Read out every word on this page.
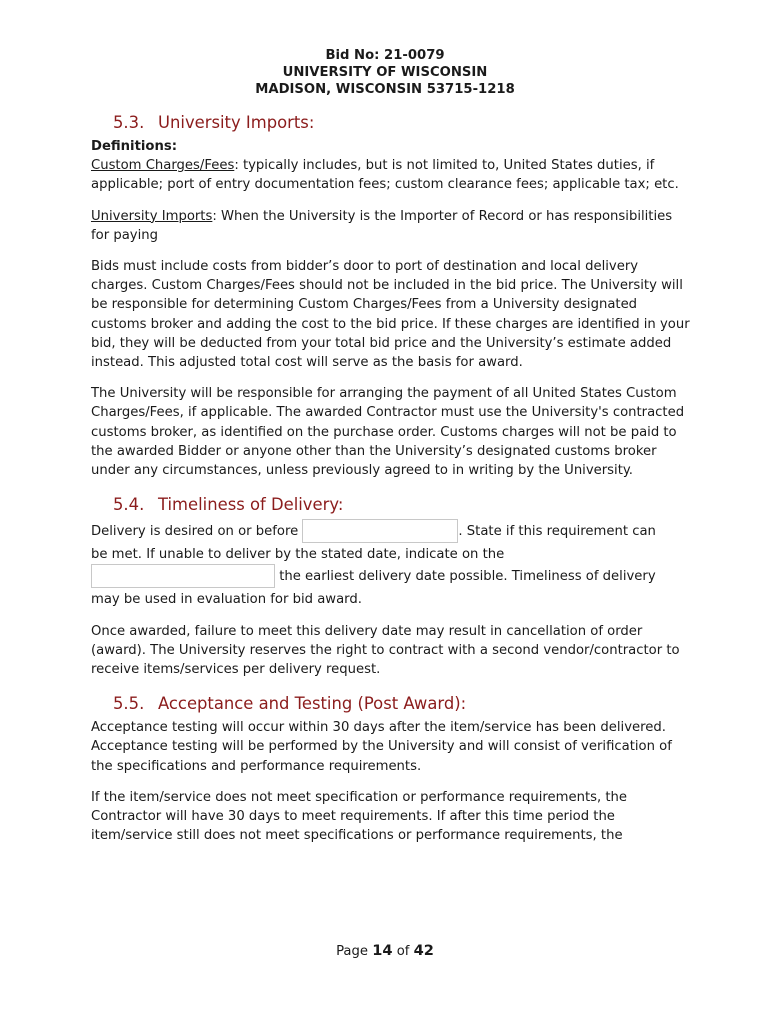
Bid No: 21-0079
UNIVERSITY OF WISCONSIN
MADISON, WISCONSIN 53715-1218
5.3. University Imports:

Definitions:

Custom Charges/Fees: typically includes, but is not limited to, United States duties, if applicable; port of entry documentation fees; custom clearance fees; applicable tax; etc.

University Imports: When the University is the Importer of Record or has responsibilities for paying

Bids must include costs from bidder’s door to port of destination and local delivery charges. Custom Charges/Fees should not be included in the bid price. The University will be responsible for determining Custom Charges/Fees from a University designated customs broker and adding the cost to the bid price. If these charges are identified in your bid, they will be deducted from your total bid price and the University’s estimate added instead. This adjusted total cost will serve as the basis for award.

The University will be responsible for arranging the payment of all United States Custom Charges/Fees, if applicable. The awarded Contractor must use the University's contracted customs broker, as identified on the purchase order. Customs charges will not be paid to the awarded Bidder or anyone other than the University’s designated customs broker under any circumstances, unless previously agreed to in writing by the University.

5.4. Timeliness of Delivery:

Delivery is desired on or before	. State if this requirement can

be met. If unable to deliver by the stated date, indicate on the

the earliest delivery date possible. Timeliness of delivery

may be used in evaluation for bid award.

Once awarded, failure to meet this delivery date may result in cancellation of order (award). The University reserves the right to contract with a second vendor/contractor to receive items/services per delivery request.

5.5. Acceptance and Testing (Post Award):

Acceptance testing will occur within 30 days after the item/service has been delivered. Acceptance testing will be performed by the University and will consist of verification of the specifications and performance requirements.

If the item/service does not meet specification or performance requirements, the Contractor will have 30 days to meet requirements. If after this time period the item/service still does not meet specifications or performance requirements, the

Page 14 of 42
